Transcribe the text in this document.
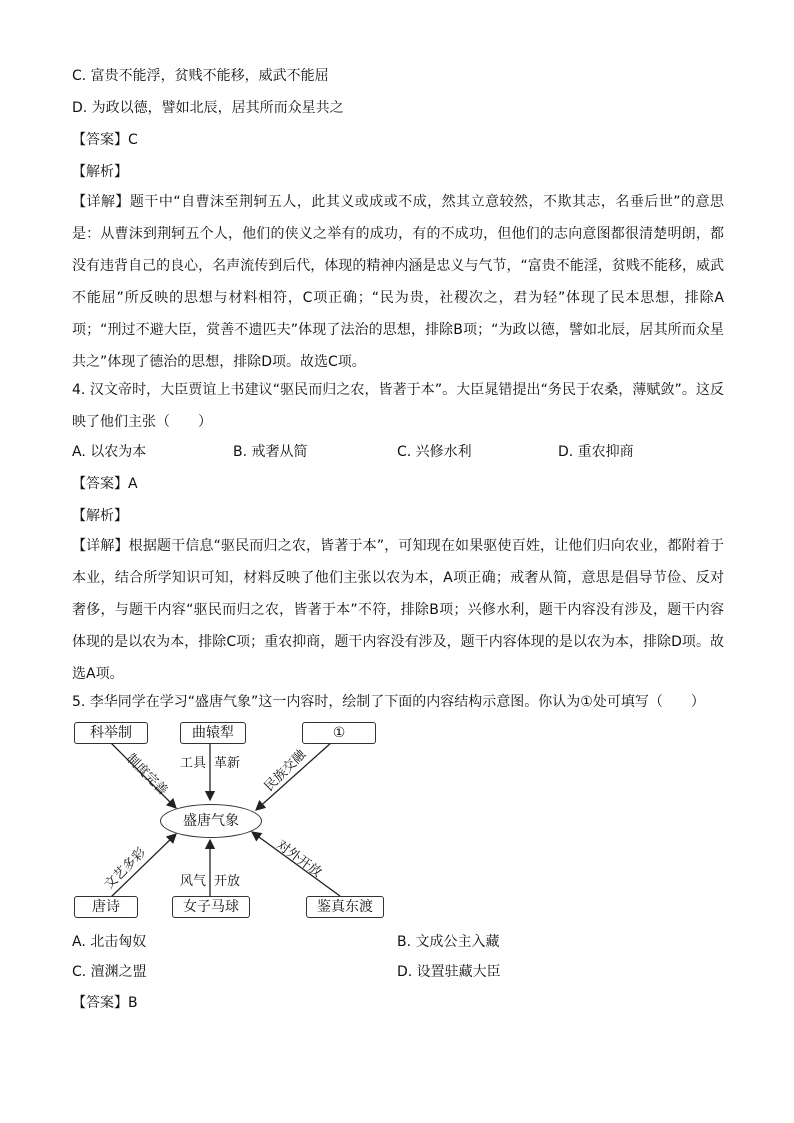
C. 富贵不能浮，贫贱不能移，威武不能屈
D. 为政以德，譬如北辰，居其所而众星共之
【答案】C
【解析】
【详解】题干中“自曹沫至荆轲五人，此其义或成或不成，然其立意较然，不欺其志，名垂后世”的意思是：从曹沫到荆轲五个人，他们的侠义之举有的成功，有的不成功，但他们的志向意图都很清楚明朗，都没有违背自己的良心，名声流传到后代，体现的精神内涵是忠义与气节，“富贵不能淫，贫贱不能移，威武不能屈”所反映的思想与材料相符，C项正确；“民为贵，社稷次之，君为轻”体现了民本思想，排除A项；“刑过不避大臣，赏善不遗匹夫”体现了法治的思想，排除B项；“为政以德，譬如北辰，居其所而众星共之”体现了德治的思想，排除D项。故选C项。
4. 汉文帝时，大臣贾谊上书建议“驱民而归之农，皆著于本”。大臣晁错提出“务民于农桑，薄赋敛”。这反映了他们主张（　　）
A. 以农为本	B. 戒奢从简	C. 兴修水利	D. 重农抑商
【答案】A
【解析】
【详解】根据题干信息“驱民而归之农，皆著于本”，可知现在如果驱使百姓，让他们归向农业，都附着于本业，结合所学知识可知，材料反映了他们主张以农为本，A项正确；戒奢从简，意思是倡导节俭、反对奢侈，与题干内容“驱民而归之农，皆著于本”不符，排除B项；兴修水利，题干内容没有涉及，题干内容体现的是以农为本，排除C项；重农抑商，题干内容没有涉及，题干内容体现的是以农为本，排除D项。故选A项。
5. 李华同学在学习“盛唐气象”这一内容时，绘制了下面的内容结构示意图。你认为①处可填写（　　）
科举制	曲辕犁	①
盛唐气象
唐诗	女子马球	鉴真东渡
制度完善 工具 革新 民族交融
文艺多彩 风气 开放
对外开放
A. 北击匈奴	B. 文成公主入藏
C. 澶渊之盟	D. 设置驻藏大臣
【答案】B
